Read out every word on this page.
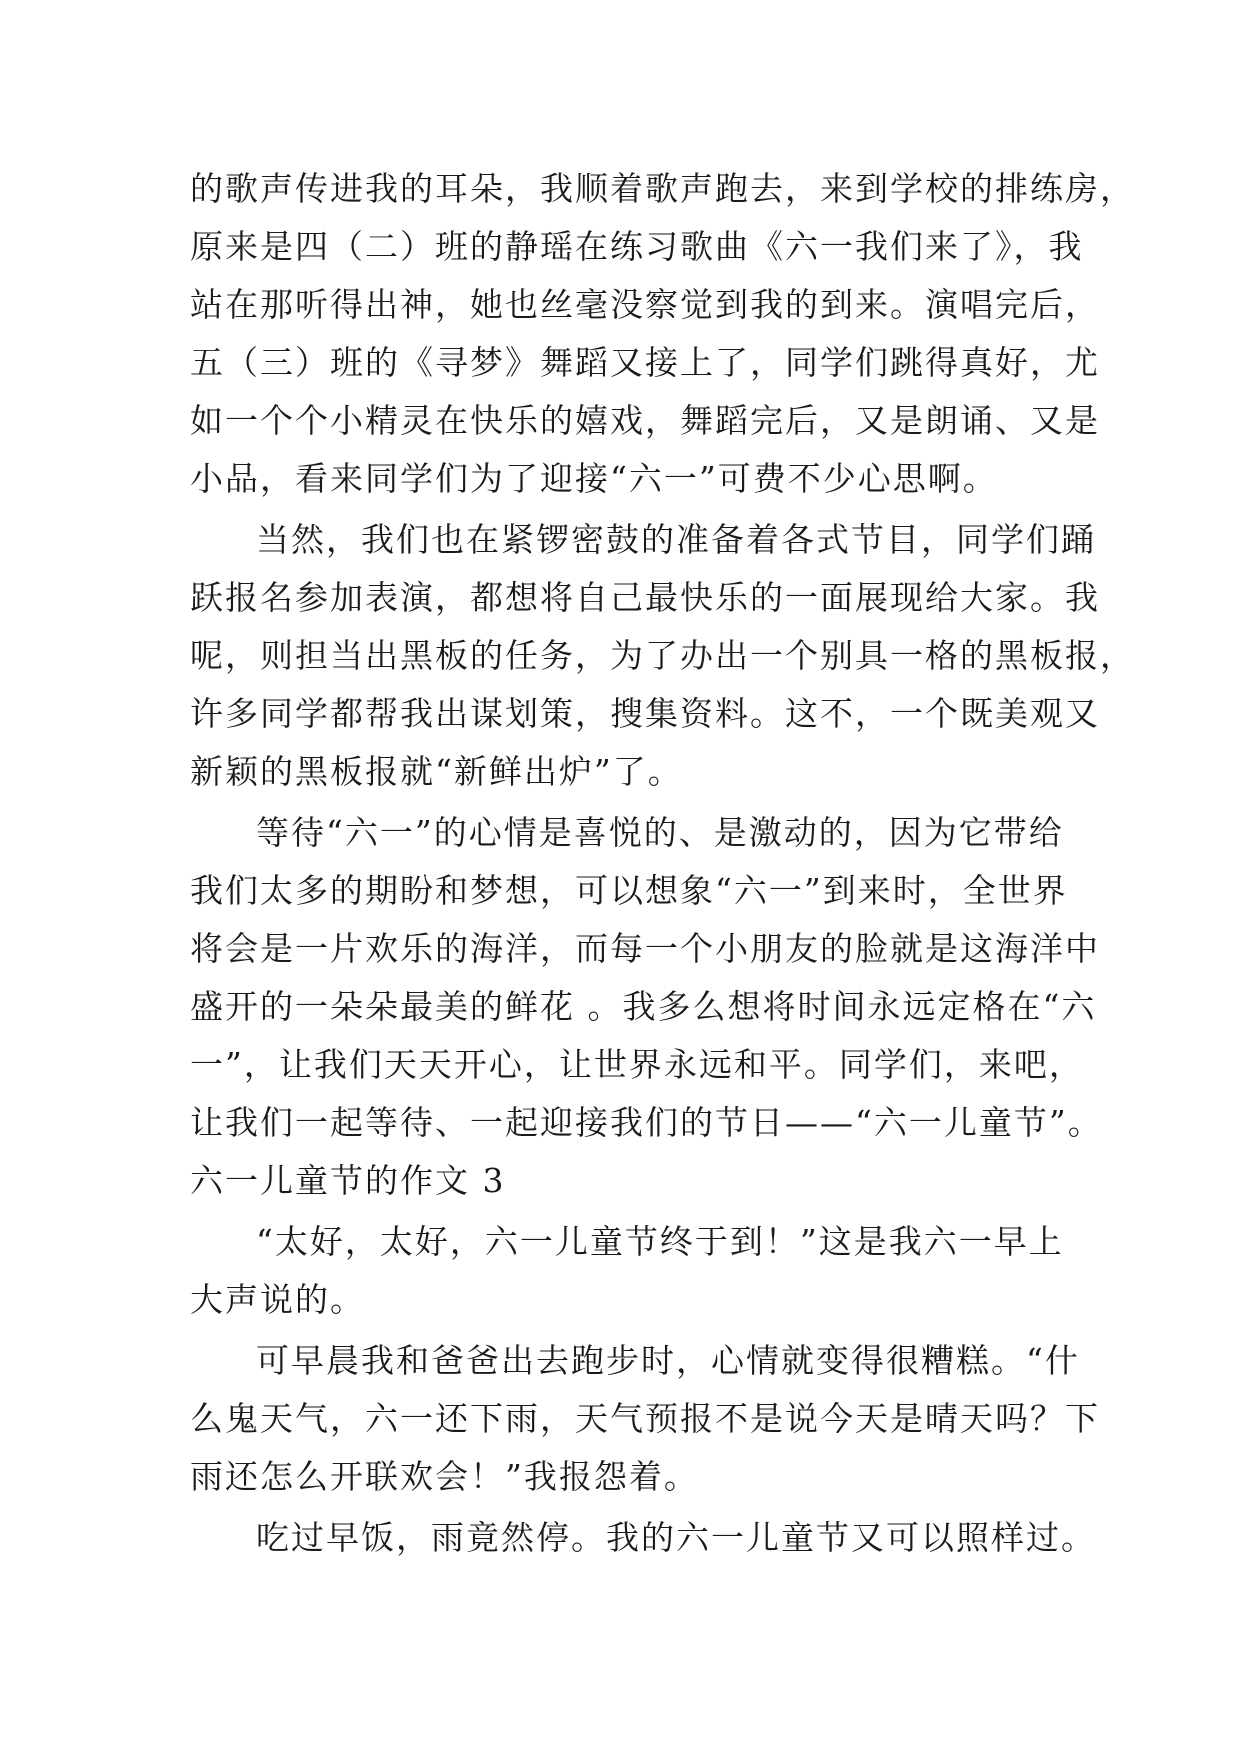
的歌声传进我的耳朵，我顺着歌声跑去，来到学校的排练房，
原来是四（二）班的静瑶在练习歌曲《六一我们来了》，我
站在那听得出神，她也丝毫没察觉到我的到来。演唱完后，
五（三）班的《寻梦》舞蹈又接上了，同学们跳得真好，尤
如一个个小精灵在快乐的嬉戏，舞蹈完后，又是朗诵、又是
小品，看来同学们为了迎接“六一”可费不少心思啊。
当然，我们也在紧锣密鼓的准备着各式节目，同学们踊
跃报名参加表演，都想将自己最快乐的一面展现给大家。我
呢，则担当出黑板的任务，为了办出一个别具一格的黑板报，
许多同学都帮我出谋划策，搜集资料。这不，一个既美观又
新颖的黑板报就“新鲜出炉”了。
等待“六一”的心情是喜悦的、是激动的，因为它带给
我们太多的期盼和梦想，可以想象“六一”到来时，全世界
将会是一片欢乐的海洋，而每一个小朋友的脸就是这海洋中
盛开的一朵朵最美的鲜花 。我多么想将时间永远定格在“六
一”，让我们天天开心，让世界永远和平。同学们，来吧，
让我们一起等待、一起迎接我们的节日——“六一儿童节”。
六一儿童节的作文 3
“太好，太好，六一儿童节终于到！”这是我六一早上
大声说的。
可早晨我和爸爸出去跑步时，心情就变得很糟糕。“什
么鬼天气，六一还下雨，天气预报不是说今天是晴天吗？下
雨还怎么开联欢会！”我报怨着。
吃过早饭，雨竟然停。我的六一儿童节又可以照样过。
